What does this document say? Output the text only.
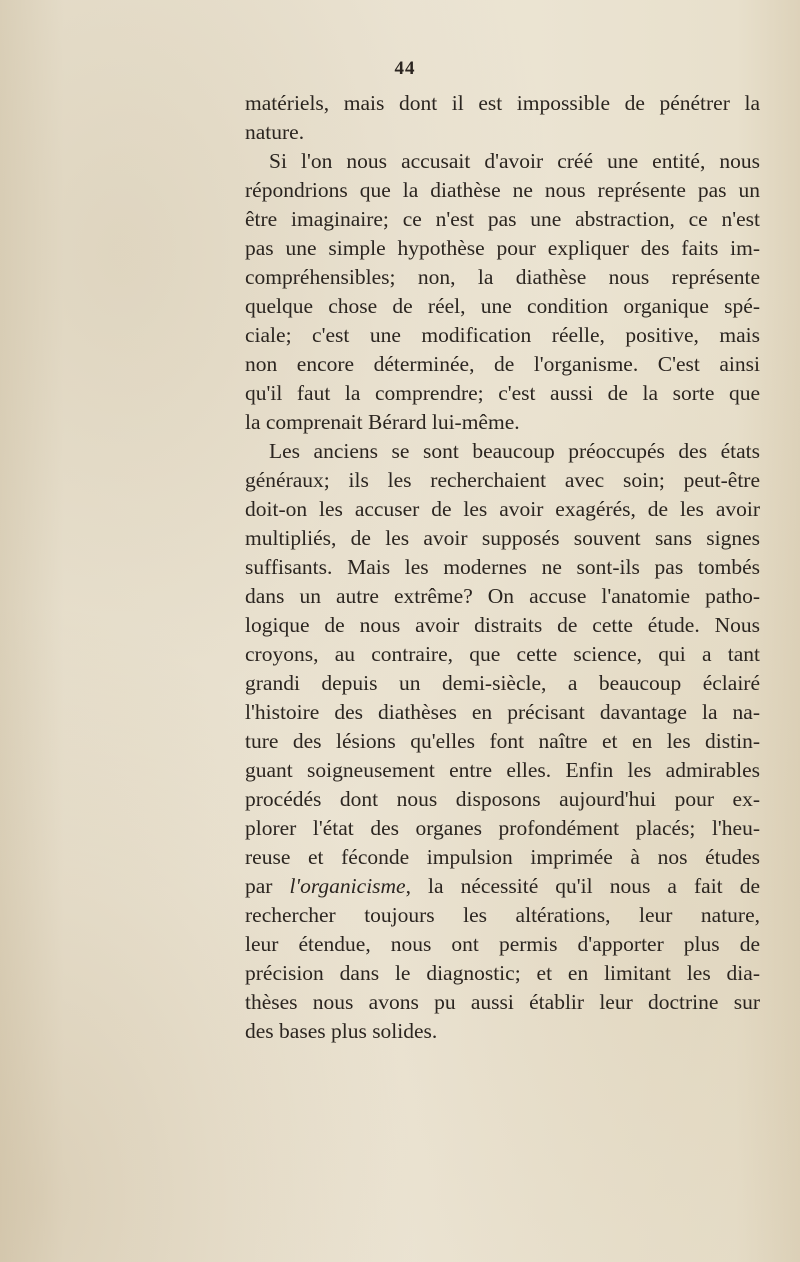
44

matériels, mais dont il est impossible de pénétrer la
nature.

Si l'on nous accusait d'avoir créé une entité, nous
répondrions que la diathèse ne nous représente pas un
être imaginaire; ce n'est pas une abstraction, ce n'est
pas une simple hypothèse pour expliquer des faits im-
compréhensibles; non, la diathèse nous représente
quelque chose de réel, une condition organique spé-
ciale; c'est une modification réelle, positive, mais
non encore déterminée, de l'organisme. C'est ainsi
qu'il faut la comprendre; c'est aussi de la sorte que
la comprenait Bérard lui-même.

Les anciens se sont beaucoup préoccupés des états
généraux; ils les recherchaient avec soin; peut-être
doit-on les accuser de les avoir exagérés, de les avoir
multipliés, de les avoir supposés souvent sans signes
suffisants. Mais les modernes ne sont-ils pas tombés
dans un autre extrême? On accuse l'anatomie patho-
logique de nous avoir distraits de cette étude. Nous
croyons, au contraire, que cette science, qui a tant
grandi depuis un demi-siècle, a beaucoup éclairé
l'histoire des diathèses en précisant davantage la na-
ture des lésions qu'elles font naître et en les distin-
guant soigneusement entre elles. Enfin les admirables
procédés dont nous disposons aujourd'hui pour ex-
plorer l'état des organes profondément placés; l'heu-
reuse et féconde impulsion imprimée à nos études
par l'organicisme, la nécessité qu'il nous a fait de
rechercher toujours les altérations, leur nature,
leur étendue, nous ont permis d'apporter plus de
précision dans le diagnostic; et en limitant les dia-
thèses nous avons pu aussi établir leur doctrine sur
des bases plus solides.
